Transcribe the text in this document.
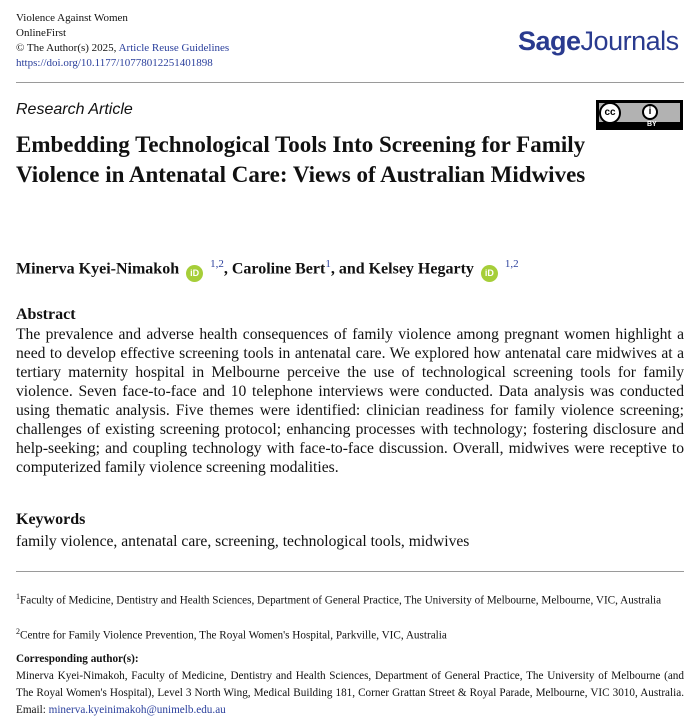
Violence Against Women
OnlineFirst
© The Author(s) 2025, Article Reuse Guidelines
https://doi.org/10.1177/10778012251401898
SageJournals
Research Article	cc	i
BY
Embedding Technological Tools Into Screening for Family Violence in Antenatal Care: Views of Australian Midwives
Minerva Kyei-Nimakoh iD $^{1,2}$, Caroline Bert$^1$, and Kelsey Hegarty iD $^{1,2}$
Abstract
The prevalence and adverse health consequences of family violence among pregnant women highlight a need to develop effective screening tools in antenatal care. We explored how antenatal care midwives at a tertiary maternity hospital in Melbourne perceive the use of technological screening tools for family violence. Seven face-to-face and 10 telephone interviews were conducted. Data analysis was conducted using thematic analysis. Five themes were identified: clinician readiness for family violence screening; challenges of existing screening protocol; enhancing processes with technology; fostering disclosure and help-seeking; and coupling technology with face-to-face discussion. Overall, midwives were receptive to computerized family violence screening modalities.
Keywords
family violence, antenatal care, screening, technological tools, midwives
$^1$Faculty of Medicine, Dentistry and Health Sciences, Department of General Practice, The University of Melbourne, Melbourne, VIC, Australia
$^2$Centre for Family Violence Prevention, The Royal Women's Hospital, Parkville, VIC, Australia
Corresponding author(s):
Minerva Kyei-Nimakoh, Faculty of Medicine, Dentistry and Health Sciences, Department of General Practice, The University of Melbourne (and The Royal Women's Hospital), Level 3 North Wing, Medical Building 181, Corner Grattan Street & Royal Parade, Melbourne, VIC 3010, Australia. Email: minerva.kyeinimakoh@unimelb.edu.au
